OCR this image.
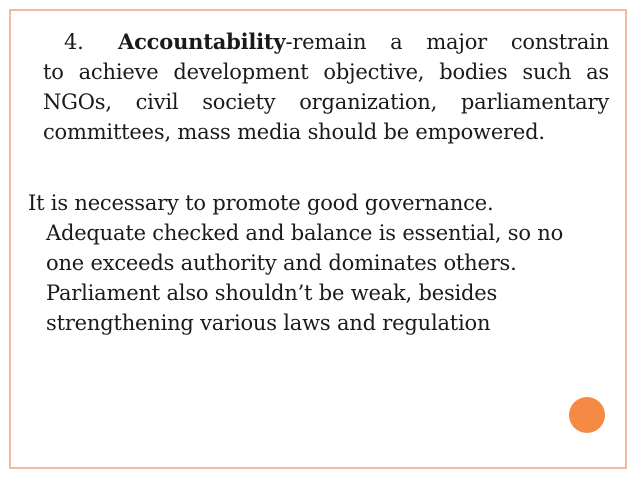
4. Accountability-remain a major constrain
to achieve development objective, bodies such as
NGOs, civil society organization, parliamentary
committees, mass media should be empowered.
It is necessary to promote good governance.
Adequate checked and balance is essential, so no
one exceeds authority and dominates others.
Parliament also shouldn’t be weak, besides
strengthening various laws and regulation
